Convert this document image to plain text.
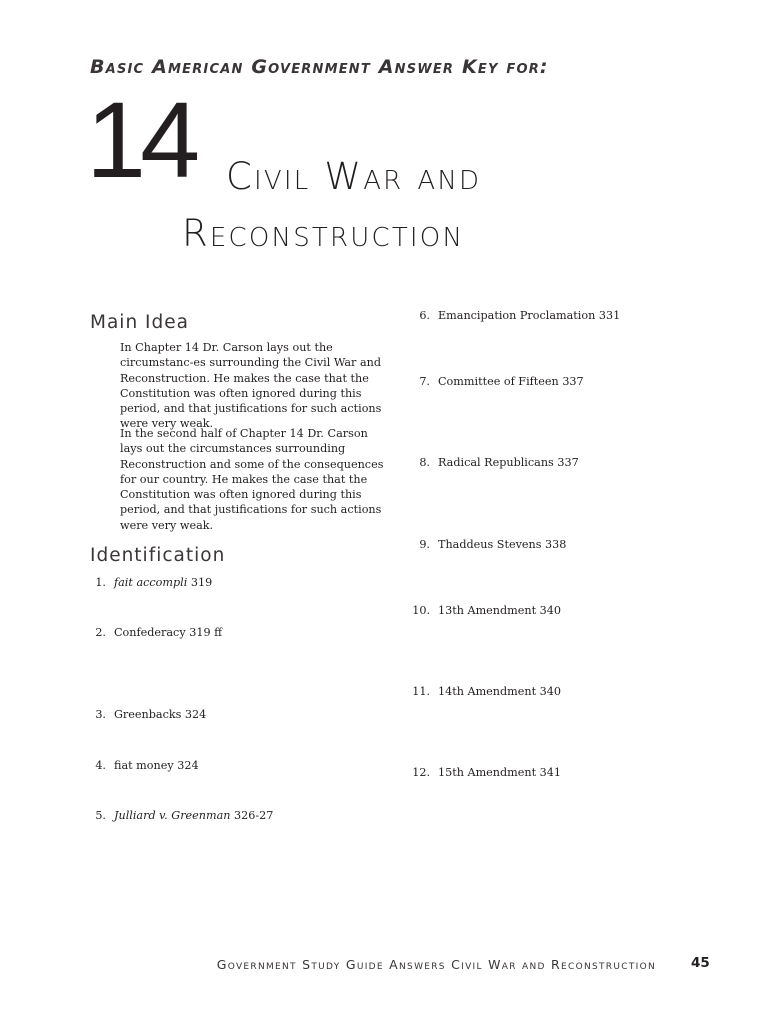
Basic American Government Answer Key for:
14 Civil War and
Reconstruction
Main Idea

In Chapter 14 Dr. Carson lays out the circumstanc-es surrounding the Civil War and Reconstruction. He makes the case that the Constitution was often ignored during this period, and that justifications for such actions were very weak.

In the second half of Chapter 14 Dr. Carson lays out the circumstances surrounding Reconstruction and some of the consequences for our country. He makes the case that the Constitution was often ignored during this period, and that justifications for such actions were very weak.

Identification
1. fait accompli 319
2. Confederacy 319 ff
3. Greenbacks 324
4. fiat money 324
5. Julliard v. Greenman 326-27
6. Emancipation Proclamation 331
7. Committee of Fifteen 337
8. Radical Republicans 337
9. Thaddeus Stevens 338
10. 13th Amendment 340
11. 14th Amendment 340
12. 15th Amendment 341
Government Study Guide Answers Civil War and Reconstruction	45
